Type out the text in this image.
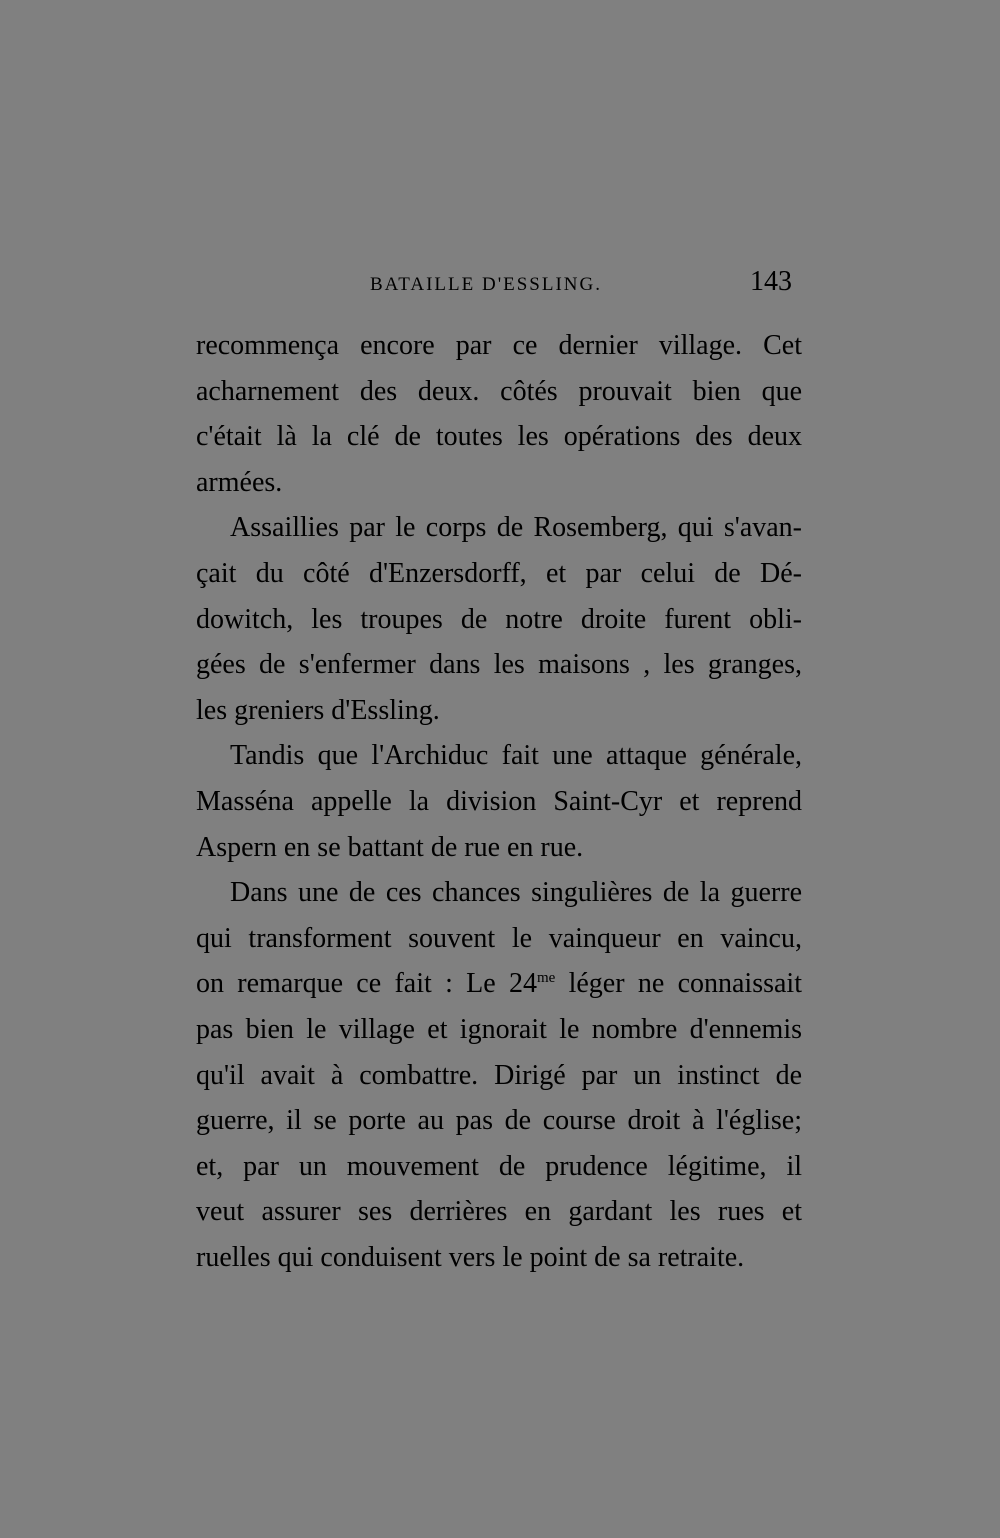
BATAILLE D'ESSLING.	143
recommença encore par ce dernier village. Cet
acharnement des deux. côtés prouvait bien que
c'était là la clé de toutes les opérations des deux
armées.
Assaillies par le corps de Rosemberg, qui s'avan-
çait du côté d'Enzersdorff, et par celui de Dé-
dowitch, les troupes de notre droite furent obli-
gées de s'enfermer dans les maisons , les granges,
les greniers d'Essling.
Tandis que l'Archiduc fait une attaque générale,
Masséna appelle la division Saint-Cyr et reprend
Aspern en se battant de rue en rue.
Dans une de ces chances singulières de la guerre
qui transforment souvent le vainqueur en vaincu,
on remarque ce fait : Le $24^{me}$ léger ne connaissait
pas bien le village et ignorait le nombre d'ennemis
qu'il avait à combattre. Dirigé par un instinct de
guerre, il se porte au pas de course droit à l'église;
et, par un mouvement de prudence légitime, il
veut assurer ses derrières en gardant les rues et
ruelles qui conduisent vers le point de sa retraite.
